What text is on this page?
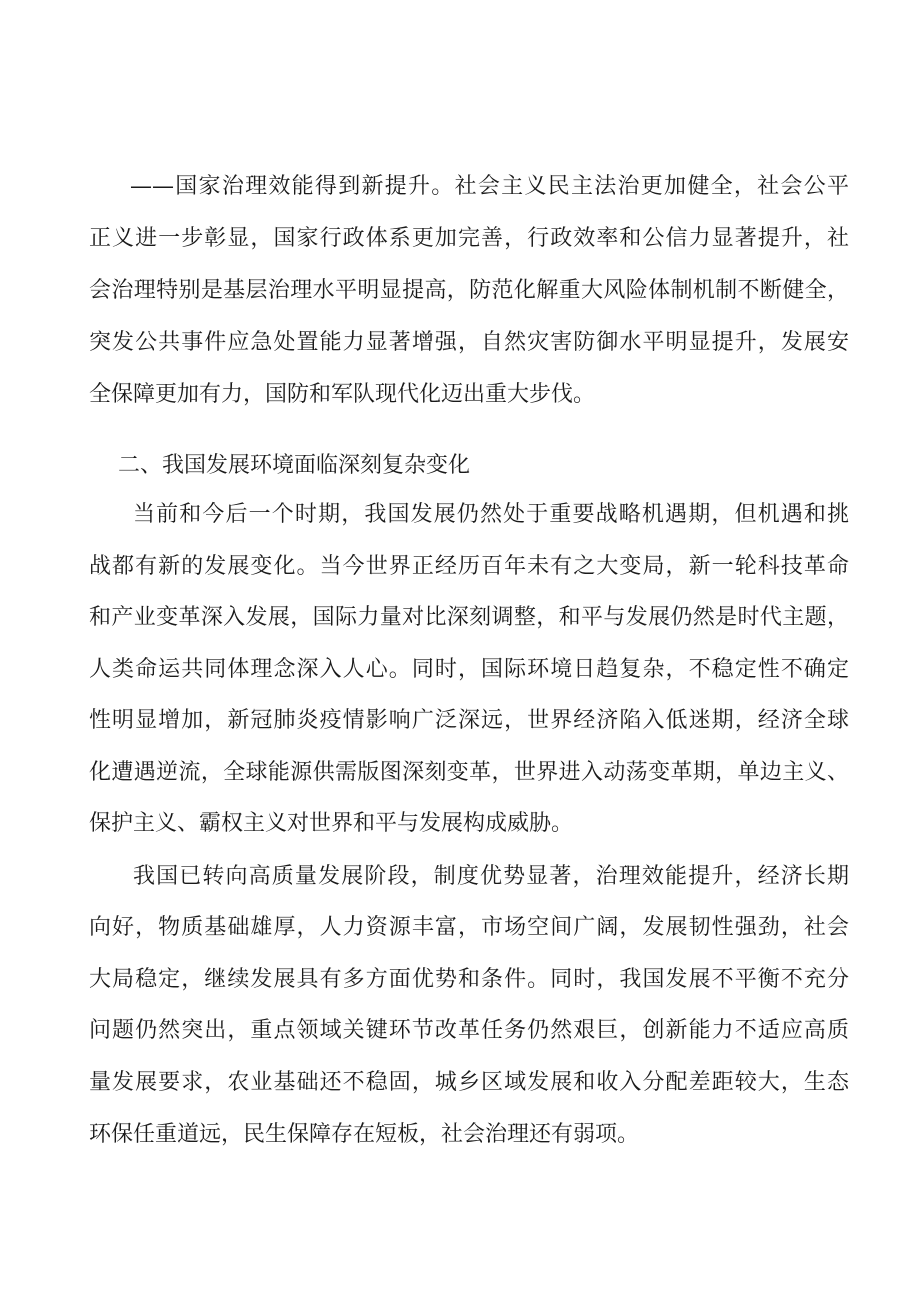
——国家治理效能得到新提升。社会主义民主法治更加健全，社会公平
正义进一步彰显，国家行政体系更加完善，行政效率和公信力显著提升，社
会治理特别是基层治理水平明显提高，防范化解重大风险体制机制不断健全，
突发公共事件应急处置能力显著增强，自然灾害防御水平明显提升，发展安
全保障更加有力，国防和军队现代化迈出重大步伐。
二、我国发展环境面临深刻复杂变化
当前和今后一个时期，我国发展仍然处于重要战略机遇期，但机遇和挑
战都有新的发展变化。当今世界正经历百年未有之大变局，新一轮科技革命
和产业变革深入发展，国际力量对比深刻调整，和平与发展仍然是时代主题，
人类命运共同体理念深入人心。同时，国际环境日趋复杂，不稳定性不确定
性明显增加，新冠肺炎疫情影响广泛深远，世界经济陷入低迷期，经济全球
化遭遇逆流，全球能源供需版图深刻变革，世界进入动荡变革期，单边主义、
保护主义、霸权主义对世界和平与发展构成威胁。
我国已转向高质量发展阶段，制度优势显著，治理效能提升，经济长期
向好，物质基础雄厚，人力资源丰富，市场空间广阔，发展韧性强劲，社会
大局稳定，继续发展具有多方面优势和条件。同时，我国发展不平衡不充分
问题仍然突出，重点领域关键环节改革任务仍然艰巨，创新能力不适应高质
量发展要求，农业基础还不稳固，城乡区域发展和收入分配差距较大，生态
环保任重道远，民生保障存在短板，社会治理还有弱项。
